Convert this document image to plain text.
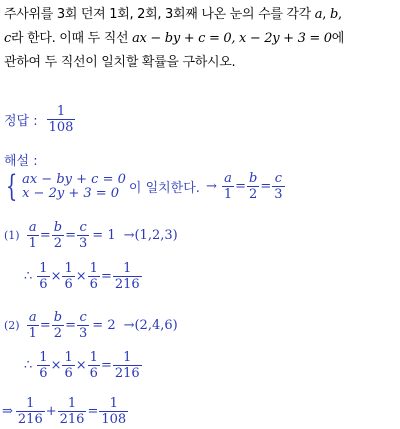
주사위를 3회 던져 1회, 2회, 3회째 나온 눈의 수를 각각 a, b,
c라 한다. 이때 두 직선 ax − by + c = 0, x − 2y + 3 = 0에
관하여 두 직선이 일치할 확률을 구하시오.
정답 : $\frac{1}{108}$
해설 :
{ ax − by + c = 0
x − 2y + 3 = 0 이 일치한다. → $\frac{a}{1} = \frac{b}{2} = \frac{c}{3}$
$(1) \frac{a}{1} = \frac{b}{2} = \frac{c}{3} = 1 \to(1,2,3)$
∴ $\frac{1}{6} \times \frac{1}{6} \times \frac{1}{6} = \frac{1}{216}$
$(2) \frac{a}{1} = \frac{b}{2} = \frac{c}{3} = 2 \to(2,4,6)$
∴ $\frac{1}{6} \times \frac{1}{6} \times \frac{1}{6} = \frac{1}{216}$
⇒ $\frac{1}{216} + \frac{1}{216} = \frac{1}{108}$
